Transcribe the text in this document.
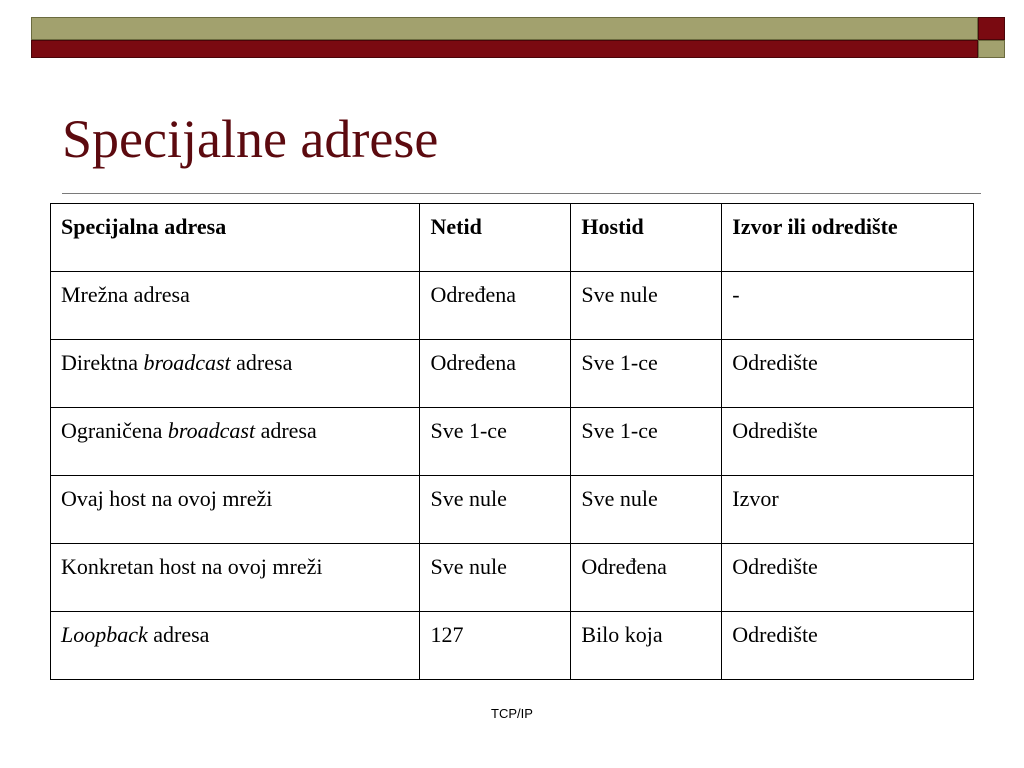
Specijalne adrese
Specijalna adresa	Netid	Hostid	Izvor ili odredište
Mrežna adresa	Određena	Sve nule	-
Direktna broadcast adresa	Određena	Sve 1-ce	Odredište
Ograničena broadcast adresa	Sve 1-ce	Sve 1-ce	Odredište
Ovaj host na ovoj mreži	Sve nule	Sve nule	Izvor
Konkretan host na ovoj mreži	Sve nule	Određena	Odredište
Loopback adresa	127	Bilo koja	Odredište
TCP/IP
